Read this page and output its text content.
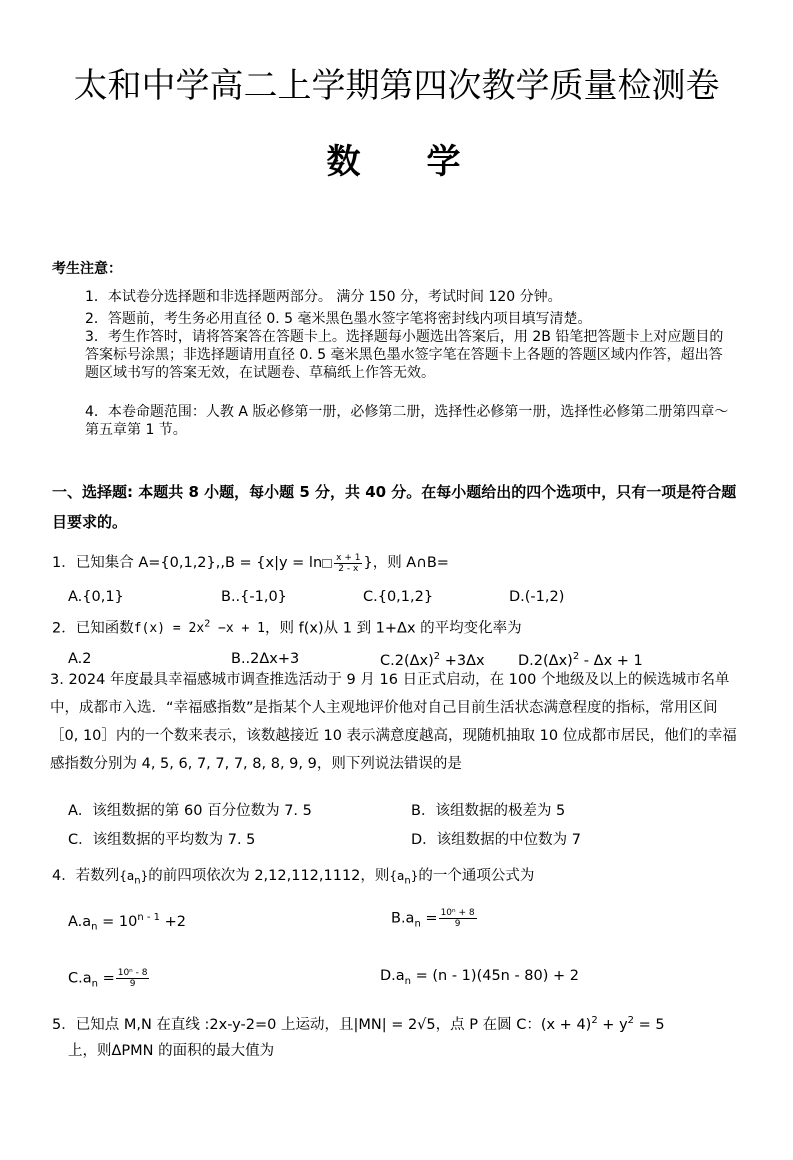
太和中学高二上学期第四次教学质量检测卷
数 学
考生注意：
1．本试卷分选择题和非选择题两部分。 满分 150 分，考试时间 120 分钟。
2．答题前，考生务必用直径 0. 5 毫米黑色墨水签字笔将密封线内项目填写清楚。
3．考生作答时，请将答案答在答题卡上。选择题每小题选出答案后，用 2B 铅笔把答题卡上对应题目的答案标号涂黑；非选择题请用直径 0. 5 毫米黑色墨水签字笔在答题卡上各题的答题区域内作答，超出答题区域书写的答案无效，在试题卷、草稿纸上作答无效。
4．本卷命题范围：人教 A 版必修第一册，必修第二册，选择性必修第一册，选择性必修第二册第四章～第五章第 1 节。
一、选择题: 本题共 8 小题，每小题 5 分，共 40 分。在每小题给出的四个选项中，只有一项是符合题目要求的。
1．已知集合 $A=\{0,1,2\},,B = \{x|y = \ln \frac{x + 1}{2 - x}$ }，则 A∩B=
A.{0,1}	B..{-1,0}	C.{0,1,2}	D.(-1,2)
2．已知函数$f(x) = 2x^2 -x + 1$，则 f(x)从 1 到 1+Δx 的平均变化率为
A.2	B..2Δx+3	$C.2(\Delta x)^2 +3\Delta x$ $D.2(\Delta x)^2 - \Delta x + 1$
3. 2024 年度最具幸福感城市调查推选活动于 9 月 16 日正式启动，在 100 个地级及以上的候选城市名单中，成都市入选．“幸福感指数”是指某个人主观地评价他对自己目前生活状态满意程度的指标，常用区间［0, 10］内的一个数来表示，该数越接近 10 表示满意度越高，现随机抽取 10 位成都市居民，他们的幸福感指数分别为 4, 5, 6, 7, 7, 7, 8, 8, 9, 9，则下列说法错误的是
A．该组数据的第 60 百分位数为 7. 5	B．该组数据的极差为 5
C．该组数据的平均数为 7. 5	D．该组数据的中位数为 7
4．若数列$\{a_n\}$的前四项依次为 2,12,112,1112，则$\{a_n\}$的一个通项公式为
$A.a_n = 10^{n - 1} +2$	$B.a_n = \frac{\text{10ⁿ + 8}}{9}$
$C.a_n = \frac{\text{10ⁿ - 8}}{9}$	$D.a_n = (n - 1)(45n - 80) + 2$
5．已知点 M,N 在直线 :2x-y-2=0 上运动，且|MN| = 2√5，点 P 在圆 C：$(x + 4)^2 + y^2 = 5$
上，则ΔPMN 的面积的最大值为
